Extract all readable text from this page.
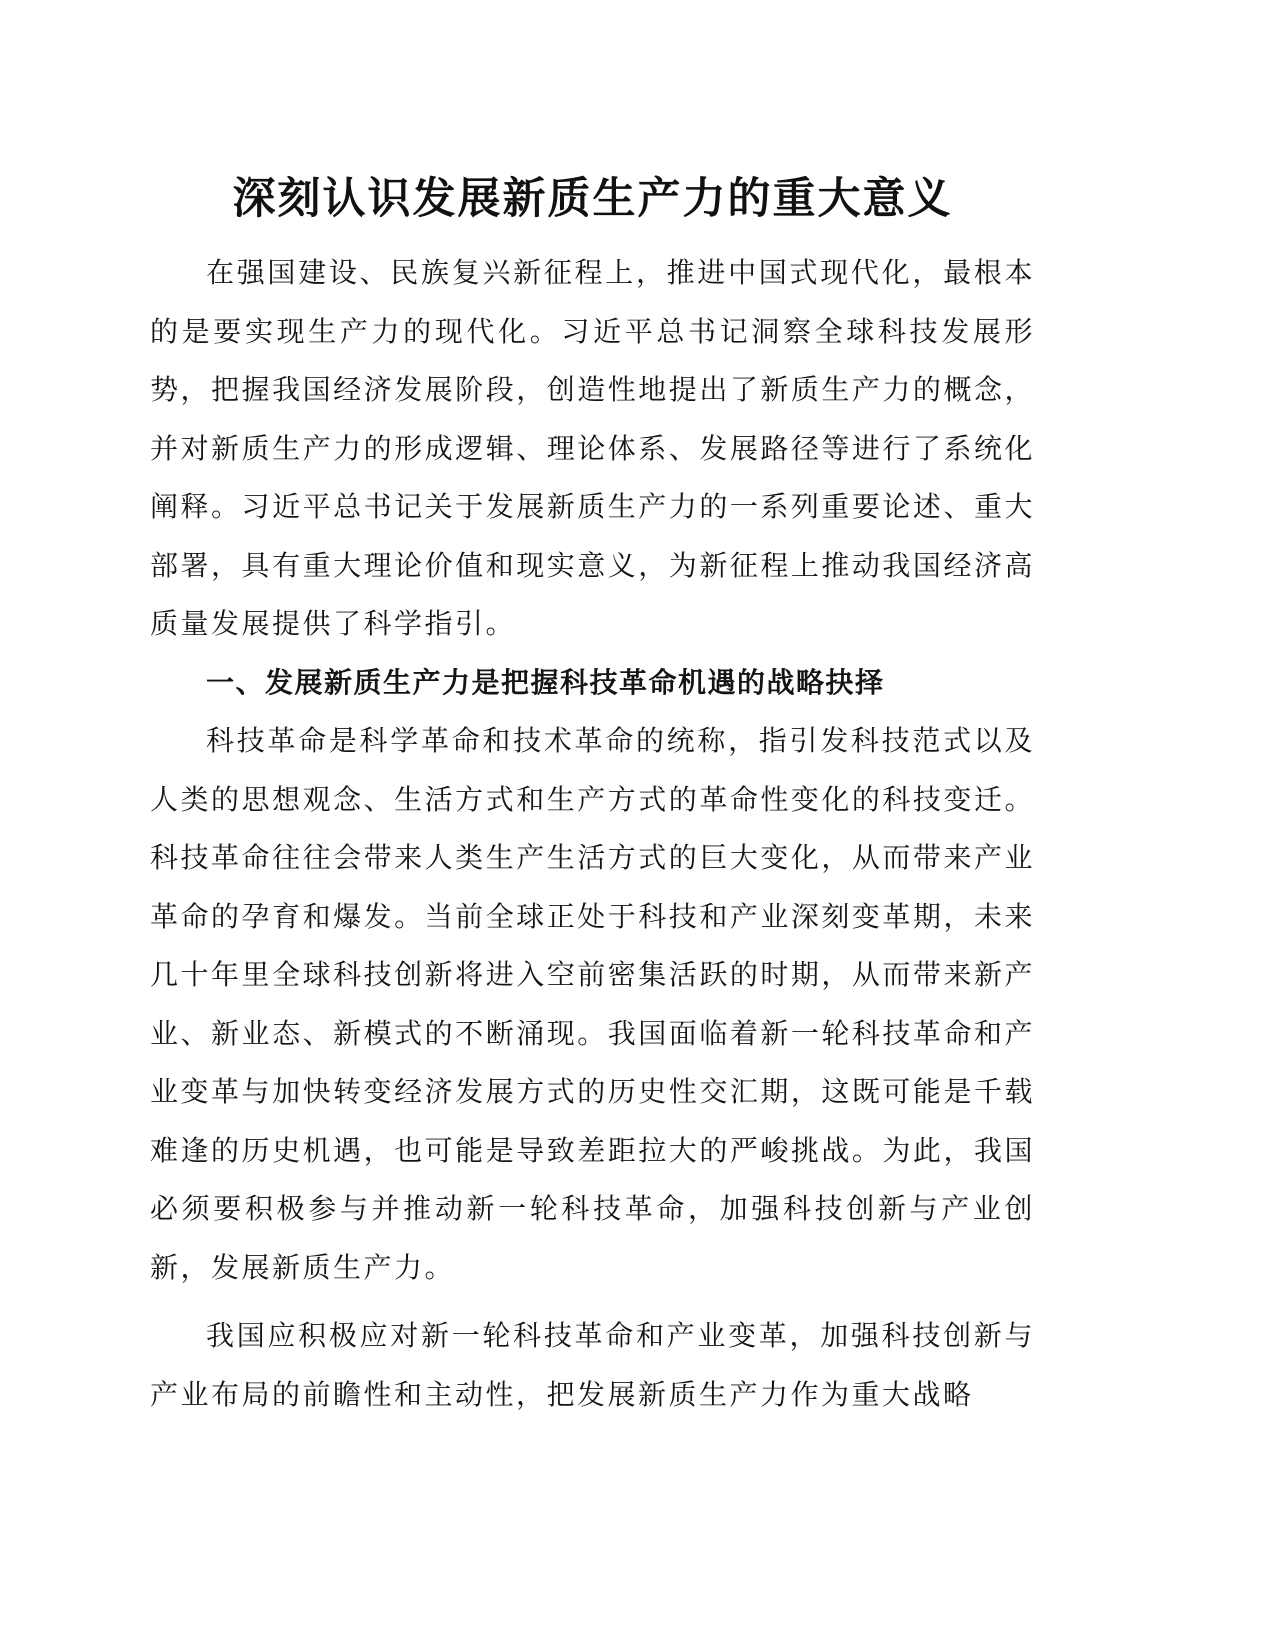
深刻认识发展新质生产力的重大意义

在强国建设、民族复兴新征程上，推进中国式现代化，最根本的是要实现生产力的现代化。习近平总书记洞察全球科技发展形势，把握我国经济发展阶段，创造性地提出了新质生产力的概念，并对新质生产力的形成逻辑、理论体系、发展路径等进行了系统化阐释。习近平总书记关于发展新质生产力的一系列重要论述、重大部署，具有重大理论价值和现实意义，为新征程上推动我国经济高质量发展提供了科学指引。

一、发展新质生产力是把握科技革命机遇的战略抉择

科技革命是科学革命和技术革命的统称，指引发科技范式以及人类的思想观念、生活方式和生产方式的革命性变化的科技变迁。科技革命往往会带来人类生产生活方式的巨大变化，从而带来产业革命的孕育和爆发。当前全球正处于科技和产业深刻变革期，未来几十年里全球科技创新将进入空前密集活跃的时期，从而带来新产业、新业态、新模式的不断涌现。我国面临着新一轮科技革命和产业变革与加快转变经济发展方式的历史性交汇期，这既可能是千载难逢的历史机遇，也可能是导致差距拉大的严峻挑战。为此，我国必须要积极参与并推动新一轮科技革命，加强科技创新与产业创新，发展新质生产力。

我国应积极应对新一轮科技革命和产业变革，加强科技创新与产业布局的前瞻性和主动性，把发展新质生产力作为重大战略
